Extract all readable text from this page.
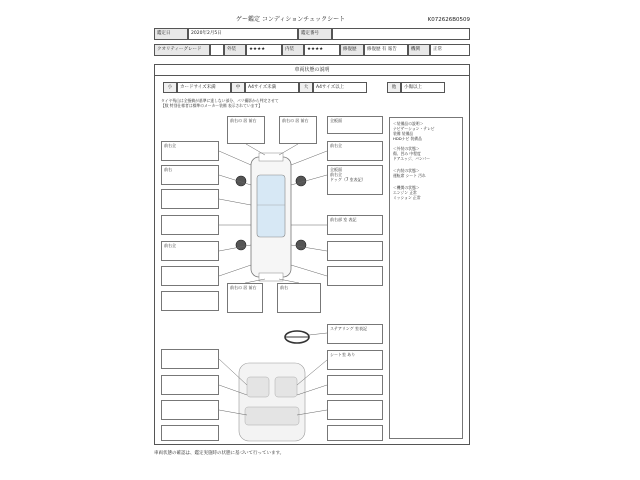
ゲー鑑定 コンディションチェックシート	K072626B0509
鑑定日	2020年2月5日	鑑定番号
クオリティーグレード	外装	★★★★	内装	★★★★	修復歴	修復歴 有 報告	機関	正常
車両状態の説明
小	カードサイズ未満	中	A4サイズ未満	大	A4サイズ以上	他	小傷以上
タイヤ残山は全指摘が基準に達しない部分、パリ撮影から判定させて
【数 特別仕様者は標準のメーカー装備 表示されています】
前右の 居 前右	前右の 居 前右	全板面
前右全
前右
前右全
前右全
全板面
前右全
ドッグ（7 室表記）
前右部 室 表記
前右の 居 前右	前右
ステアリング 室表記
シート室 あり
＜装備品の説明＞
ナビゲーション・テレビ
装備 装備品
HDDナビ 装備品
＜外装の状態＞
傷、凹み 中程度
ドアエッジ、バンパー
＜内装の状態＞
運転席 シート 汚れ
＜機関の状態＞
エンジン 正常
ミッション 正常
車両状態の確認は、鑑定実施時の状態に基づいて行っています。
